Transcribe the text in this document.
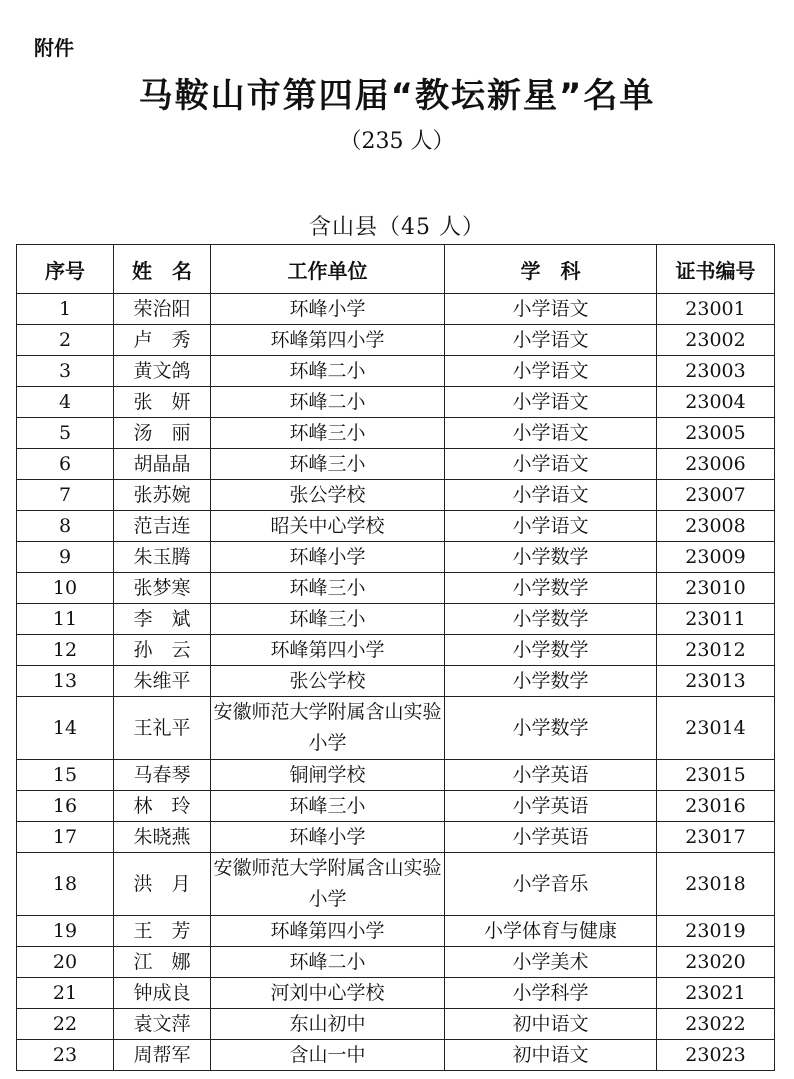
附件
马鞍山市第四届“教坛新星”名单
（235 人）
含山县（45 人）
序号	姓　名	工作单位	学　科	证书编号
1	荣治阳	环峰小学	小学语文	23001
2	卢　秀	环峰第四小学	小学语文	23002
3	黄文鸽	环峰二小	小学语文	23003
4	张　妍	环峰二小	小学语文	23004
5	汤　丽	环峰三小	小学语文	23005
6	胡晶晶	环峰三小	小学语文	23006
7	张苏婉	张公学校	小学语文	23007
8	范吉连	昭关中心学校	小学语文	23008
9	朱玉腾	环峰小学	小学数学	23009
10	张梦寒	环峰三小	小学数学	23010
11	李　斌	环峰三小	小学数学	23011
12	孙　云	环峰第四小学	小学数学	23012
13	朱维平	张公学校	小学数学	23013
14	王礼平	安徽师范大学附属含山实验小学	小学数学	23014
15	马春琴	铜闸学校	小学英语	23015
16	林　玲	环峰三小	小学英语	23016
17	朱晓燕	环峰小学	小学英语	23017
18	洪　月	安徽师范大学附属含山实验小学	小学音乐	23018
19	王　芳	环峰第四小学	小学体育与健康	23019
20	江　娜	环峰二小	小学美术	23020
21	钟成良	河刘中心学校	小学科学	23021
22	袁文萍	东山初中	初中语文	23022
23	周帮军	含山一中	初中语文	23023
